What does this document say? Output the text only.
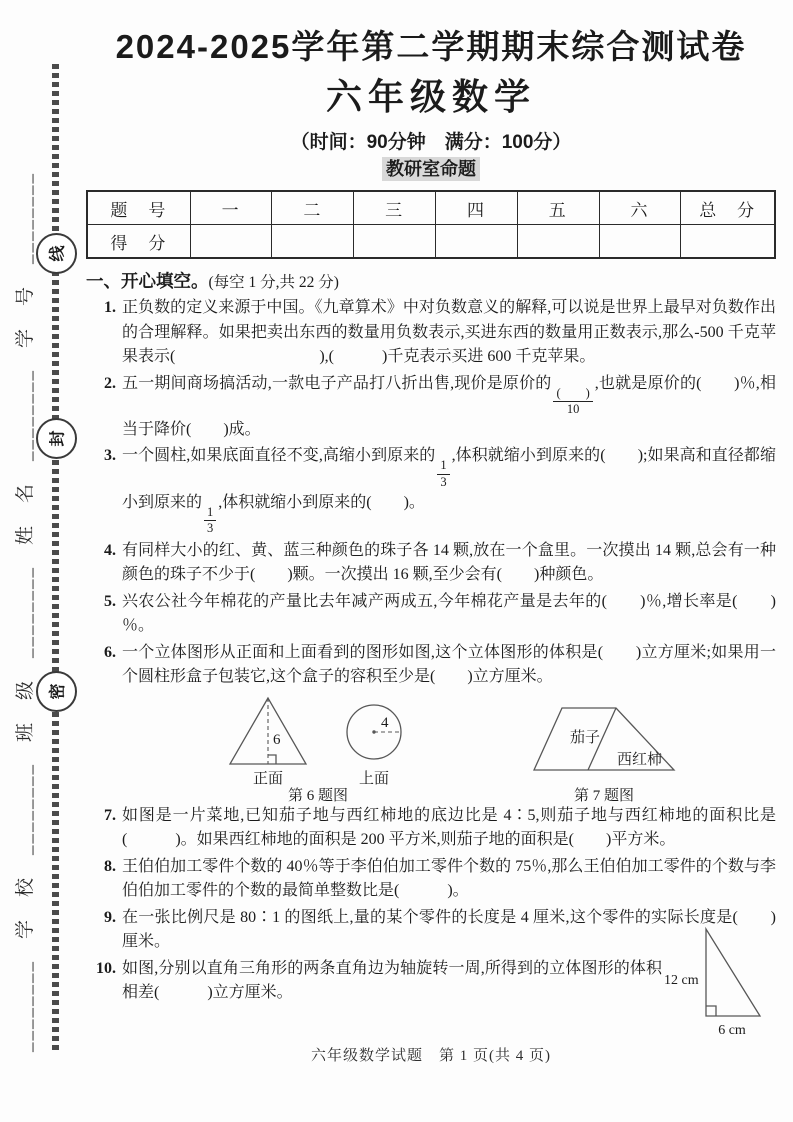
________　学　校　________　班　级　________　姓　名　________　学　号　________ 线
封
密
2024-2025学年第二学期期末综合测试卷
六年级数学
（时间：90分钟　满分：100分）
教研室命题
题　号	一	二	三	四	五	六	总　分
得　分							
一、开心填空。(每空 1 分,共 22 分)
1. 正负数的定义来源于中国。《九章算术》中对负数意义的解释,可以说是世界上最早对负数作出的合理解释。如果把卖出东西的数量用负数表示,买进东西的数量用正数表示,那么-500 千克苹果表示(　　　　　　　　　),(　　　)千克表示买进 600 千克苹果。
2. 五一期间商场搞活动,一款电子产品打八折出售,现价是原价的
$\frac{( )}{10}$
,也就是原价的(　　)％,相当于降价(　　)成。
3. 一个圆柱,如果底面直径不变,高缩小到原来的
$\frac{1}{3}$
,体积就缩小到原来的(　　);如果高和直径都缩小到原来的
$\frac{1}{3}$
,体积就缩小到原来的(　　)。
4. 有同样大小的红、黄、蓝三种颜色的珠子各 14 颗,放在一个盒里。一次摸出 14 颗,总会有一种颜色的珠子不少于(　　)颗。一次摸出 16 颗,至少会有(　　)种颜色。
5. 兴农公社今年棉花的产量比去年减产两成五,今年棉花产量是去年的(　　)％,增长率是(　　)％。
6. 一个立体图形从正面和上面看到的图形如图,这个立体图形的体积是(　　)立方厘米;如果用一个圆柱形盒子包装它,这个盒子的容积至少是(　　)立方厘米。
6
4
正面	上面
第 6 题图
茄子
西红柿
第 7 题图
7. 如图是一片菜地,已知茄子地与西红柿地的底边比是 4∶5,则茄子地与西红柿地的面积比是(　　　)。如果西红柿地的面积是 200 平方米,则茄子地的面积是(　　)平方米。
8. 王伯伯加工零件个数的 40％等于李伯伯加工零件个数的 75％,那么王伯伯加工零件的个数与李伯伯加工零件的个数的最简单整数比是(　　　)。
9. 在一张比例尺是 80∶1 的图纸上,量的某个零件的长度是 4 厘米,这个零件的实际长度是(　　)厘米。
10. 如图,分别以直角三角形的两条直角边为轴旋转一周,所得到的立体图形的体积相差(　　　)立方厘米。
12 cm
6 cm
六年级数学试题　第 1 页(共 4 页)
